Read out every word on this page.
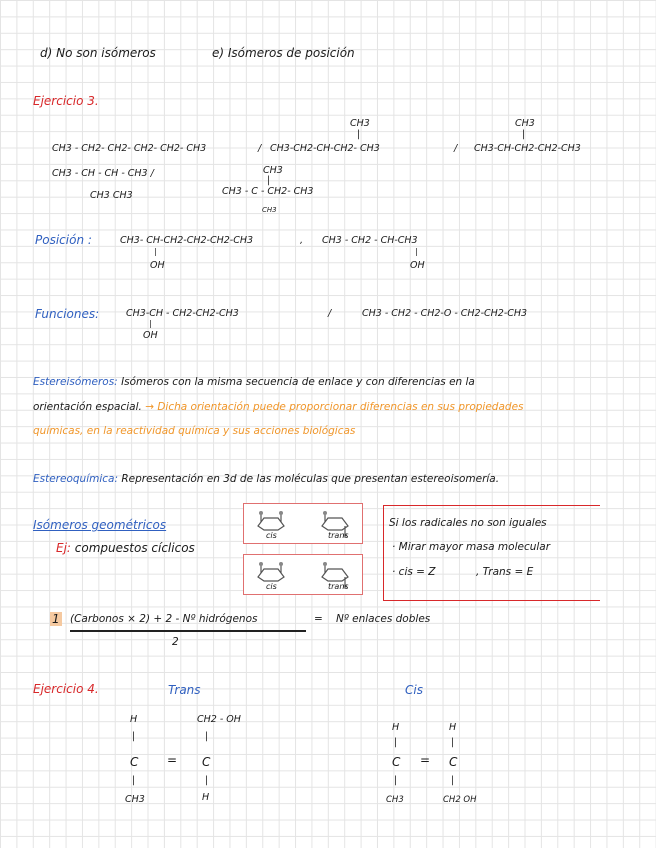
d) No son isómeros	e) Isómeros de posición
Ejercicio 3.
CH3 - CH2- CH2- CH2- CH2- CH3	/
CH3
|
CH3-CH2-CH-CH2- CH3	/
CH3
|
CH3-CH-CH2-CH2-CH3
CH3 - CH - CH - CH3 /
CH3 CH3
CH3
|
CH3 - C - CH2- CH3
CH3
Posición :	CH3- CH-CH2-CH2-CH2-CH3
|
OH
, CH3 - CH2 - CH-CH3
|
OH
Funciones:	CH3-CH - CH2-CH2-CH3
|
OH
/	CH3 - CH2 - CH2-O - CH2-CH2-CH3
Estereisómeros: Isómeros con la misma secuencia de enlace y con diferencias en la
orientación espacial. → Dicha orientación puede proporcionar diferencias en sus propiedades
químicas, en la reactividad química y sus acciones biológicas
Estereoquímica: Representación en 3d de las moléculas que presentan estereoisomería.
Isómeros geométricos
Ej: compuestos cíclicos
cis	trans
cis	trans
Si los radicales no son iguales
· Mirar mayor masa molecular
· cis = Z	, Trans = E
1 (Carbonos × 2) + 2 - Nº hidrógenos	= Nº enlaces dobles
2
Ejercicio 4.	Trans	Cis
H
|
C
|
CH3
=
CH2 - OH
|
C
|
H
H
|
C
|
CH3
=
H
|
C
|
CH2 OH
